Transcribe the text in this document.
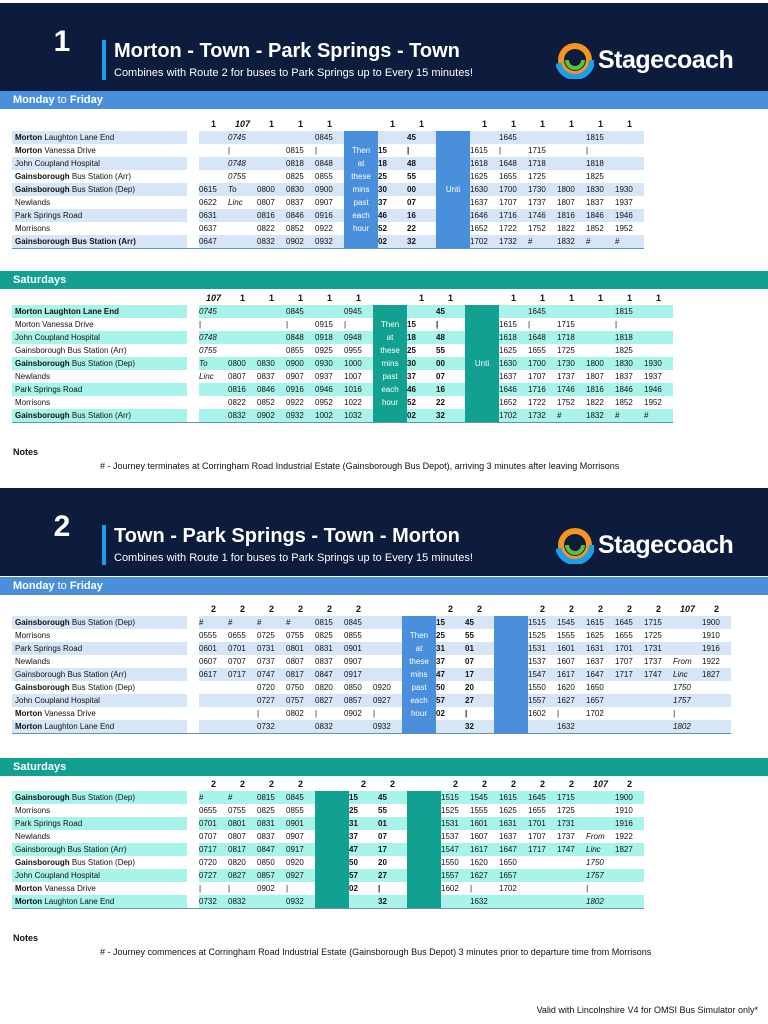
1	Morton - Town - Park Springs - Town
Combines with Route 2 for buses to Park Springs up to Every 15 minutes!	Stagecoach
Monday to Friday
		1	107	1	1	1		1	1		1	1	1	1	1	1
Morton Laughton Lane End			0745			0845			45			1645			1815	
Morton Vanessa Drive			|		0815	|	Then	15	|		1615	|	1715		|	
John Coupland Hospital			0748		0818	0848	at	18	48		1618	1648	1718		1818	
Gainsborough Bus Station (Arr)			0755		0825	0855	these	25	55		1625	1655	1725		1825	
Gainsborough Bus Station (Dep)		0615	To	0800	0830	0900	mins	30	00	Unti	1630	1700	1730	1800	1830	1930
Newlands		0622	Linc	0807	0837	0907	past	37	07		1637	1707	1737	1807	1837	1937
Park Springs Road		0631		0816	0846	0916	each	46	16		1646	1716	1746	1816	1846	1946
Morrisons		0637		0822	0852	0922	hour	52	22		1652	1722	1752	1822	1852	1952
Gainsborough Bus Station (Arr)		0647		0832	0902	0932		02	32		1702	1732	#	1832	#	#
Saturdays
		107	1	1	1	1	1		1	1		1	1	1	1	1	1
Morton Laughton Lane End		0745			0845		0945			45			1645			1815	
Morton Vanessa Drive		|			|	0915	|	Then	15	|		1615	|	1715		|	
John Coupland Hospital		0748			0848	0918	0948	at	18	48		1618	1648	1718		1818	
Gainsborough Bus Station (Arr)		0755			0855	0925	0955	these	25	55		1625	1655	1725		1825	
Gainsborough Bus Station (Dep)		To	0800	0830	0900	0930	1000	mins	30	00	Unti	1630	1700	1730	1800	1830	1930
Newlands		Linc	0807	0837	0907	0937	1007	past	37	07		1637	1707	1737	1807	1837	1937
Park Springs Road			0816	0846	0916	0946	1016	each	46	16		1646	1716	1746	1816	1846	1946
Morrisons			0822	0852	0922	0952	1022	hour	52	22		1652	1722	1752	1822	1852	1952
Gainsborough Bus Station (Arr)			0832	0902	0932	1002	1032		02	32		1702	1732	#	1832	#	#
Notes
# - Journey terminates at Corringham Road Industrial Estate (Gainsborough Bus Depot), arriving 3 minutes after leaving Morrisons
2	Town - Park Springs - Town - Morton
Combines with Route 1 for buses to Park Springs up to Every 15 minutes!	Stagecoach
Monday to Friday
		2	2	2	2	2	2			2	2		2	2	2	2	2	107	2
Gainsborough Bus Station (Dep)		#	#	#	#	0815	0845			15	45		1515	1545	1615	1645	1715		1900
Morrisons		0555	0655	0725	0755	0825	0855		Then	25	55		1525	1555	1625	1655	1725		1910
Park Springs Road		0601	0701	0731	0801	0831	0901		at	31	01		1531	1601	1631	1701	1731		1916
Newlands		0607	0707	0737	0807	0837	0907		these	37	07		1537	1607	1637	1707	1737	From	1922
Gainsborough Bus Station (Arr)		0617	0717	0747	0817	0847	0917		mins	47	17		1547	1617	1647	1717	1747	Linc	1827
Gainsborough Bus Station (Dep)				0720	0750	0820	0850	0920	past	50	20		1550	1620	1650			1750	
John Coupland Hospital				0727	0757	0827	0857	0927	each	57	27		1557	1627	1657			1757	
Morton Vanessa Drive				|	0802	|	0902	|	hour	02	|		1602	|	1702			|	
Morton Laughton Lane End				0732		0832		0932			32			1632				1802	
Saturdays
		2	2	2	2		2	2		2	2	2	2	2	107	2
Gainsborough Bus Station (Dep)		#	#	0815	0845		15	45		1515	1545	1615	1645	1715		1900
Morrisons		0655	0755	0825	0855		25	55		1525	1555	1625	1655	1725		1910
Park Springs Road		0701	0801	0831	0901		31	01		1531	1601	1631	1701	1731		1916
Newlands		0707	0807	0837	0907		37	07		1537	1607	1637	1707	1737	From	1922
Gainsborough Bus Station (Arr)		0717	0817	0847	0917		47	17		1547	1617	1647	1717	1747	Linc	1827
Gainsborough Bus Station (Dep)		0720	0820	0850	0920		50	20		1550	1620	1650			1750	
John Coupland Hospital		0727	0827	0857	0927		57	27		1557	1627	1657			1757	
Morton Vanessa Drive		|	|	0902	|		02	|		1602	|	1702			|	
Morton Laughton Lane End		0732	0832		0932			32			1632				1802	
Notes
# - Journey commences at Corringham Road Industrial Estate (Gainsborough Bus Depot) 3 minutes prior to departure time from Morrisons
Valid with Lincolnshire V4 for OMSI Bus Simulator only*
